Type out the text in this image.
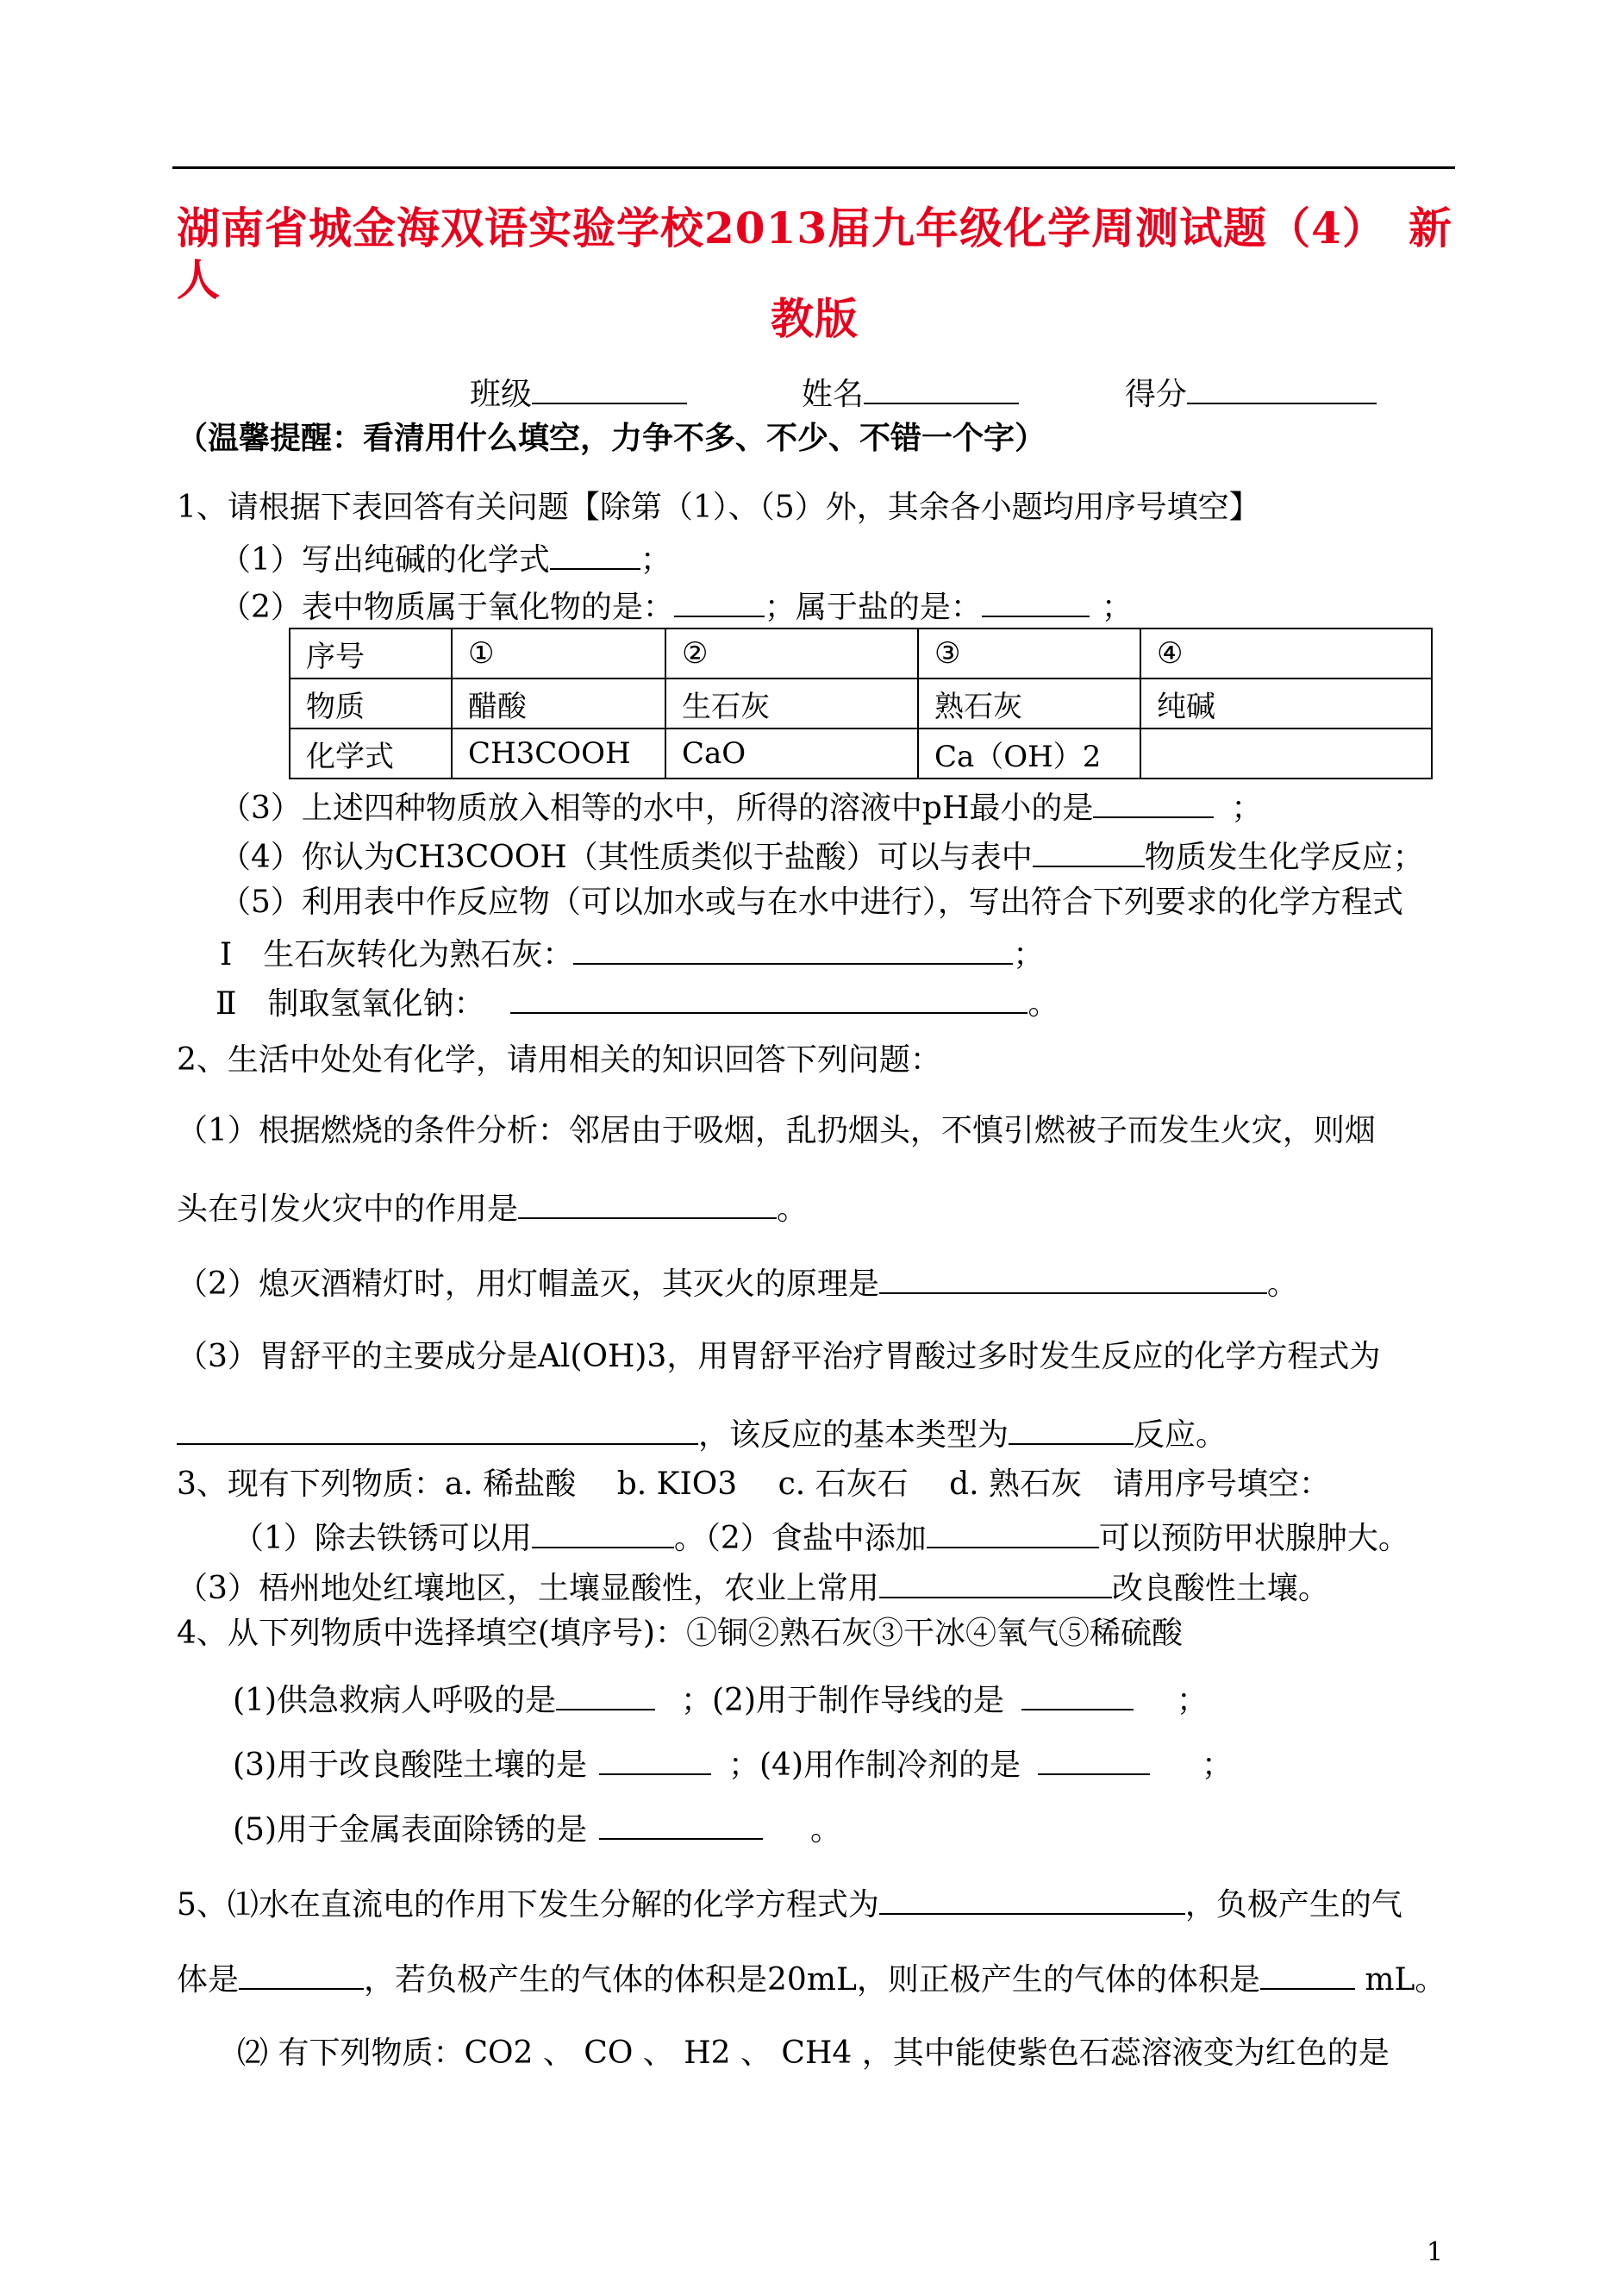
湖南省城金海双语实验学校2013届九年级化学周测试题（4）　新人
教版
班级	姓名	得分
（温馨提醒：看清用什么填空，力争不多、不少、不错一个字）
1、请根据下表回答有关问题【除第（1）、（5）外，其余各小题均用序号填空】
（1）写出纯碱的化学式	；
（2）表中物质属于氧化物的是：	；属于盐的是：	；
序号	①	②	③	④
物质	醋酸	生石灰	熟石灰	纯碱
化学式	CH3COOH	CaO	Ca（OH）2	
（3）上述四种物质放入相等的水中，所得的溶液中pH最小的是	；
（4）你认为CH3COOH（其性质类似于盐酸）可以与表中	物质发生化学反应；
（5）利用表中作反应物（可以加水或与在水中进行），写出符合下列要求的化学方程式
Ⅰ　生石灰转化为熟石灰：	；
Ⅱ　制取氢氧化钠：	。
2、生活中处处有化学，请用相关的知识回答下列问题：
（1）根据燃烧的条件分析：邻居由于吸烟，乱扔烟头，不慎引燃被子而发生火灾，则烟
头在引发火灾中的作用是	。
（2）熄灭酒精灯时，用灯帽盖灭，其灭火的原理是	。
（3）胃舒平的主要成分是Al(OH)3，用胃舒平治疗胃酸过多时发生反应的化学方程式为
，该反应的基本类型为	反应。
3、现有下列物质：a. 稀盐酸　 b. KIO3　 c. 石灰石　 d. 熟石灰　请用序号填空：
（1）除去铁锈可以用	。（2）食盐中添加	可以预防甲状腺肿大。
（3）梧州地处红壤地区，土壤显酸性，农业上常用	改良酸性土壤。
4、从下列物质中选择填空(填序号)：①铜②熟石灰③干冰④氧气⑤稀硫酸
(1)供急救病人呼吸的是	；(2)用于制作导线的是	；
(3)用于改良酸陛土壤的是	；(4)用作制冷剂的是	；
(5)用于金属表面除锈的是	。
5、⑴水在直流电的作用下发生分解的化学方程式为	，负极产生的气
体是	，若负极产生的气体的体积是20mL，则正极产生的气体的体积是	mL。
⑵ 有下列物质：CO2 、 CO 、 H2 、 CH4 ，其中能使紫色石蕊溶液变为红色的是
1
